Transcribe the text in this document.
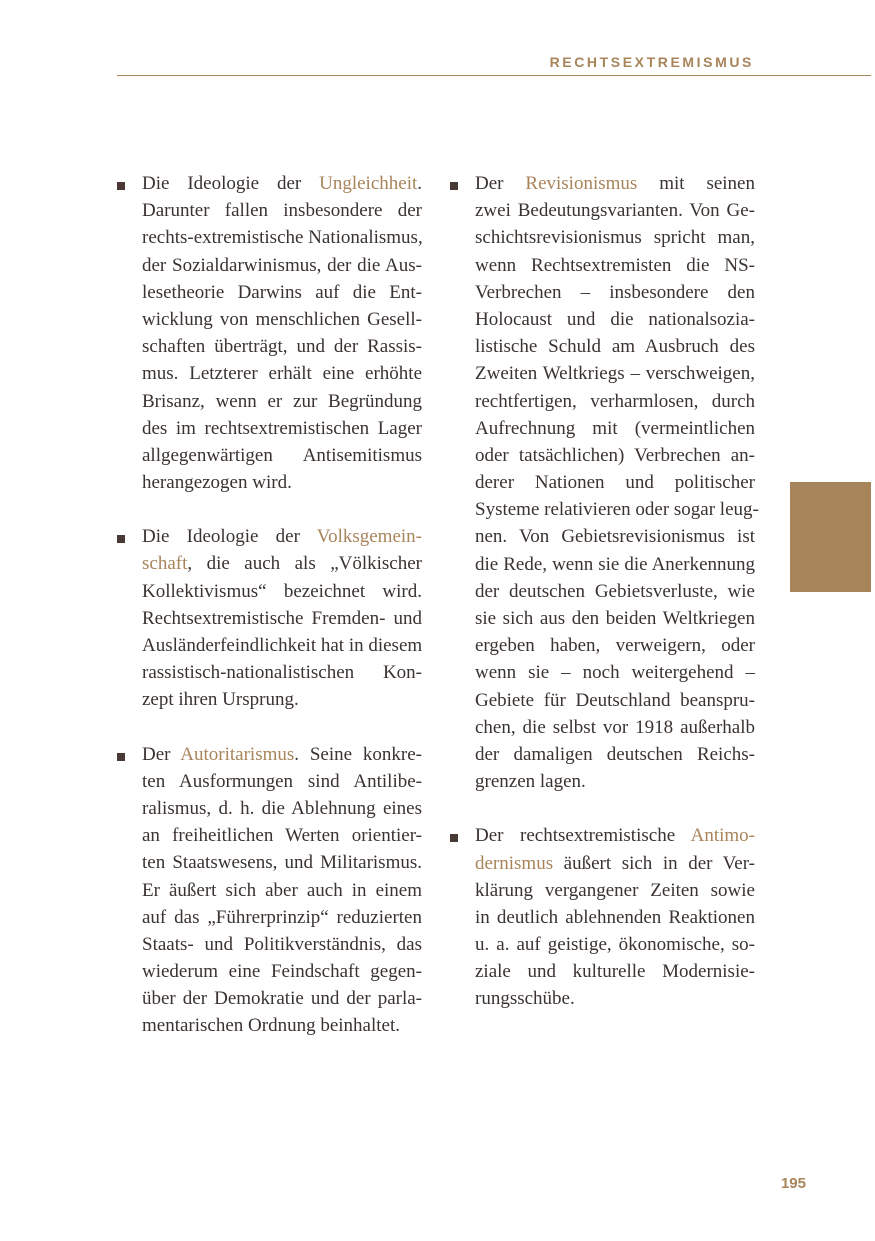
RECHTSEXTREMISMUS
Die Ideologie der Ungleichheit.
Darunter fallen insbesondere der
rechts-extremistische Nationalismus,
der Sozialdarwinismus, der die Aus-
lesetheorie Darwins auf die Ent-
wicklung von menschlichen Gesell-
schaften überträgt, und der Rassis-
mus. Letzterer erhält eine erhöhte
Brisanz, wenn er zur Begründung
des im rechtsextremistischen Lager
allgegenwärtigen Antisemitismus
herangezogen wird.
Die Ideologie der Volksgemein-
schaft, die auch als „Völkischer
Kollektivismus“ bezeichnet wird.
Rechtsextremistische Fremden- und
Ausländerfeindlichkeit hat in diesem
rassistisch-nationalistischen Kon-
zept ihren Ursprung.
Der Autoritarismus. Seine konkre-
ten Ausformungen sind Antilibe-
ralismus, d. h. die Ablehnung eines
an freiheitlichen Werten orientier-
ten Staatswesens, und Militarismus.
Er äußert sich aber auch in einem
auf das „Führerprinzip“ reduzierten
Staats- und Politikverständnis, das
wiederum eine Feindschaft gegen-
über der Demokratie und der parla-
mentarischen Ordnung beinhaltet.
Der Revisionismus mit seinen
zwei Bedeutungsvarianten. Von Ge-
schichtsrevisionismus spricht man,
wenn Rechtsextremisten die NS-
Verbrechen – insbesondere den
Holocaust und die nationalsozia-
listische Schuld am Ausbruch des
Zweiten Weltkriegs – verschweigen,
rechtfertigen, verharmlosen, durch
Aufrechnung mit (vermeintlichen
oder tatsächlichen) Verbrechen an-
derer Nationen und politischer
Systeme relativieren oder sogar leug-
nen. Von Gebietsrevisionismus ist
die Rede, wenn sie die Anerkennung
der deutschen Gebietsverluste, wie
sie sich aus den beiden Weltkriegen
ergeben haben, verweigern, oder
wenn sie – noch weitergehend –
Gebiete für Deutschland beanspru-
chen, die selbst vor 1918 außerhalb
der damaligen deutschen Reichs-
grenzen lagen.
Der rechtsextremistische Antimo-
dernismus äußert sich in der Ver-
klärung vergangener Zeiten sowie
in deutlich ablehnenden Reaktionen
u. a. auf geistige, ökonomische, so-
ziale und kulturelle Modernisie-
rungsschübe.
195
